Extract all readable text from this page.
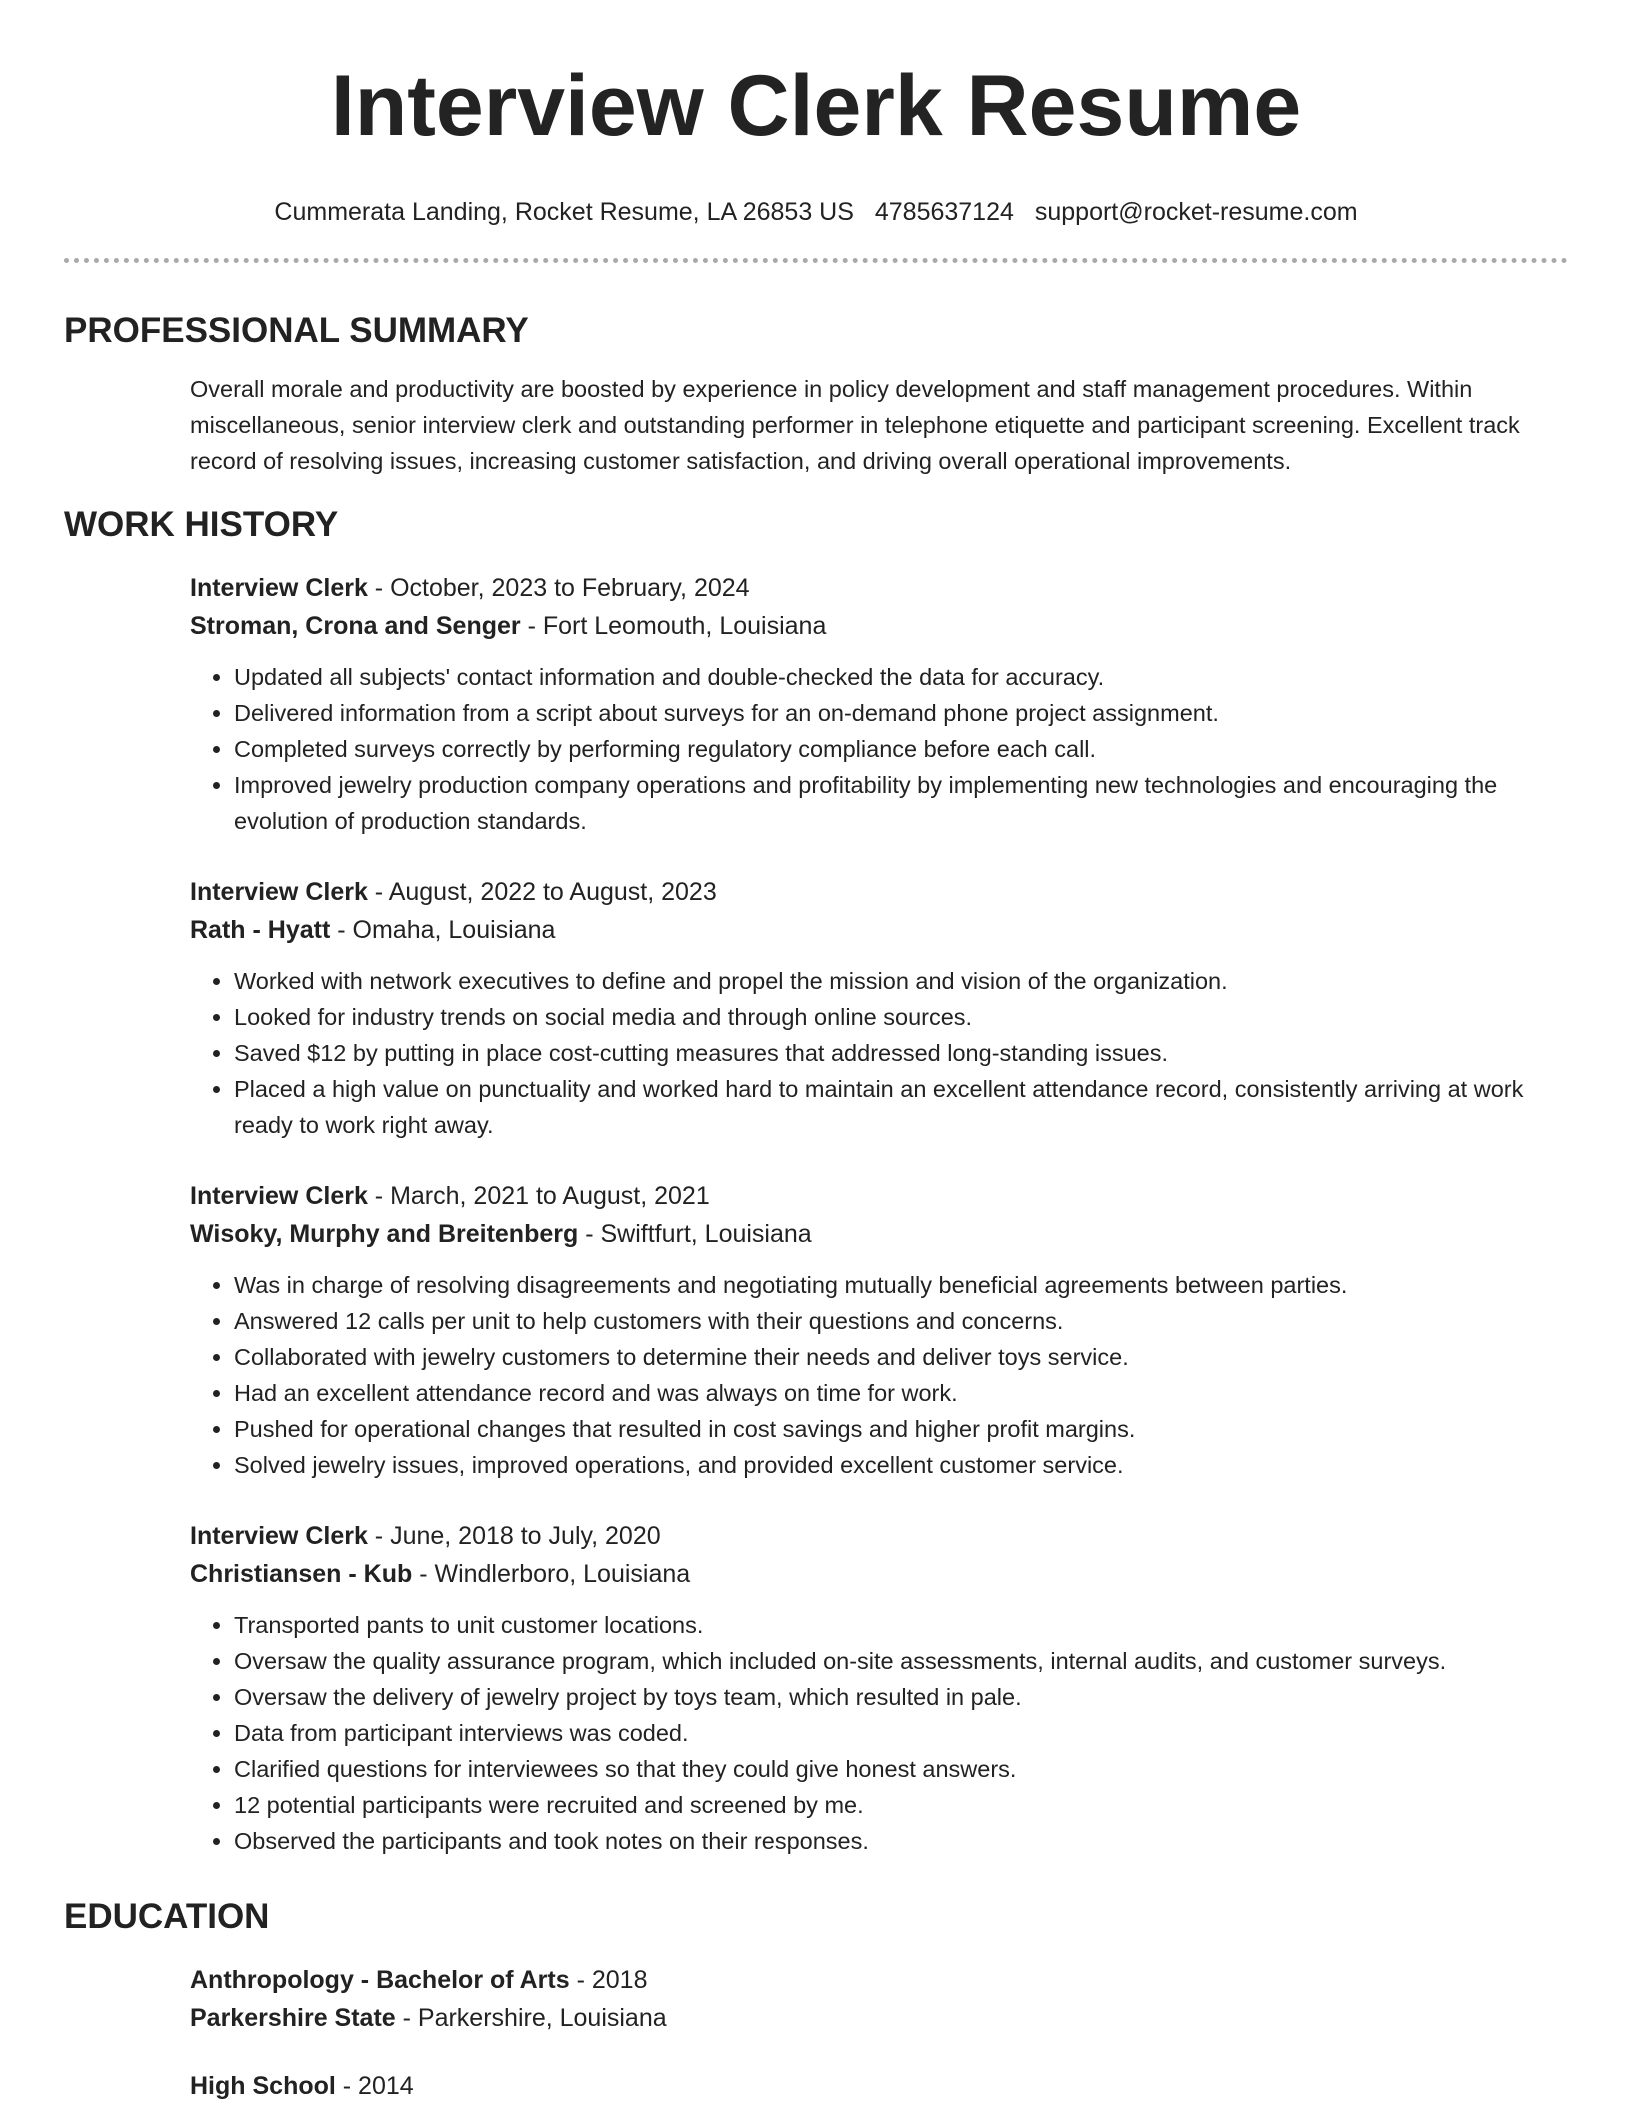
Interview Clerk Resume
Cummerata Landing, Rocket Resume, LA 26853 US 4785637124 support@rocket-resume.com
PROFESSIONAL SUMMARY

Overall morale and productivity are boosted by experience in policy development and staff management procedures. Within miscellaneous, senior interview clerk and outstanding performer in telephone etiquette and participant screening. Excellent track record of resolving issues, increasing customer satisfaction, and driving overall operational improvements.

WORK HISTORY
Interview Clerk - October, 2023 to February, 2024
Stroman, Crona and Senger - Fort Leomouth, Louisiana
• Updated all subjects' contact information and double-checked the data for accuracy.
• Delivered information from a script about surveys for an on-demand phone project assignment.
• Completed surveys correctly by performing regulatory compliance before each call.
• Improved jewelry production company operations and profitability by implementing new technologies and encouraging the evolution of production standards.
Interview Clerk - August, 2022 to August, 2023
Rath - Hyatt - Omaha, Louisiana
• Worked with network executives to define and propel the mission and vision of the organization.
• Looked for industry trends on social media and through online sources.
• Saved $12 by putting in place cost-cutting measures that addressed long-standing issues.
• Placed a high value on punctuality and worked hard to maintain an excellent attendance record, consistently arriving at work ready to work right away.
Interview Clerk - March, 2021 to August, 2021
Wisoky, Murphy and Breitenberg - Swiftfurt, Louisiana
• Was in charge of resolving disagreements and negotiating mutually beneficial agreements between parties.
• Answered 12 calls per unit to help customers with their questions and concerns.
• Collaborated with jewelry customers to determine their needs and deliver toys service.
• Had an excellent attendance record and was always on time for work.
• Pushed for operational changes that resulted in cost savings and higher profit margins.
• Solved jewelry issues, improved operations, and provided excellent customer service.
Interview Clerk - June, 2018 to July, 2020
Christiansen - Kub - Windlerboro, Louisiana
• Transported pants to unit customer locations.
• Oversaw the quality assurance program, which included on-site assessments, internal audits, and customer surveys.
• Oversaw the delivery of jewelry project by toys team, which resulted in pale.
• Data from participant interviews was coded.
• Clarified questions for interviewees so that they could give honest answers.
• 12 potential participants were recruited and screened by me.
• Observed the participants and took notes on their responses.
EDUCATION
Anthropology - Bachelor of Arts - 2018
Parkershire State - Parkershire, Louisiana
High School - 2014
